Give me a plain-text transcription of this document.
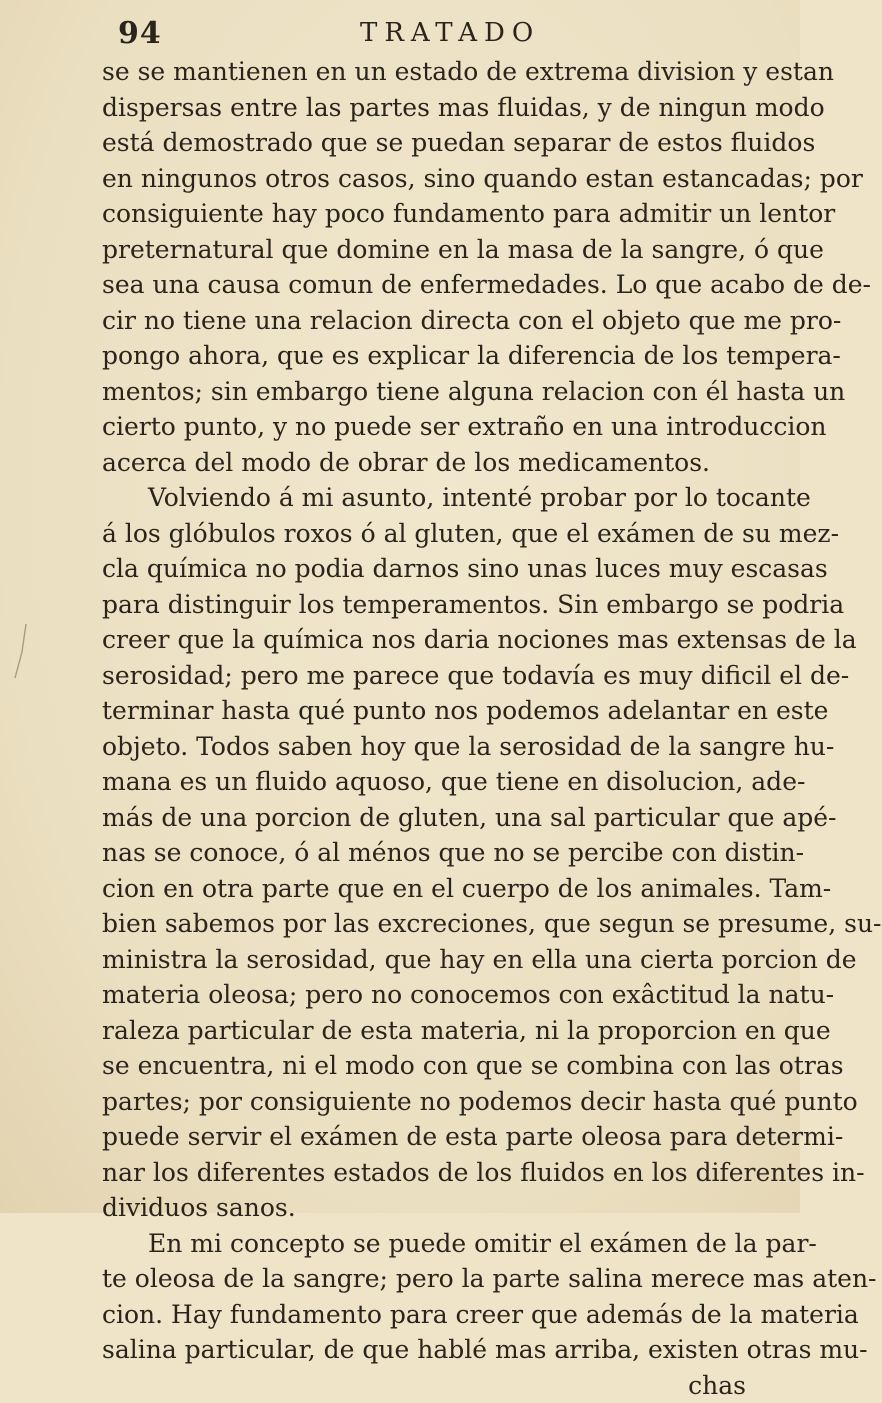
94	TRATADO
se se mantienen en un estado de extrema division y estan
dispersas entre las partes mas fluidas, y de ningun modo
está demostrado que se puedan separar de estos fluidos
en ningunos otros casos, sino quando estan estancadas; por
consiguiente hay poco fundamento para admitir un lentor
preternatural que domine en la masa de la sangre, ó que
sea una causa comun de enfermedades. Lo que acabo de de-
cir no tiene una relacion directa con el objeto que me pro-
pongo ahora, que es explicar la diferencia de los tempera-
mentos; sin embargo tiene alguna relacion con él hasta un
cierto punto, y no puede ser extraño en una introduccion
acerca del modo de obrar de los medicamentos.
Volviendo á mi asunto, intenté probar por lo tocante
á los glóbulos roxos ó al gluten, que el exámen de su mez-
cla química no podia darnos sino unas luces muy escasas
para distinguir los temperamentos. Sin embargo se podria
creer que la química nos daria nociones mas extensas de la
serosidad; pero me parece que todavía es muy dificil el de-
terminar hasta qué punto nos podemos adelantar en este
objeto. Todos saben hoy que la serosidad de la sangre hu-
mana es un fluido aquoso, que tiene en disolucion, ade-
más de una porcion de gluten, una sal particular que apé-
nas se conoce, ó al ménos que no se percibe con distin-
cion en otra parte que en el cuerpo de los animales. Tam-
bien sabemos por las excreciones, que segun se presume, su-
ministra la serosidad, que hay en ella una cierta porcion de
materia oleosa; pero no conocemos con exâctitud la natu-
raleza particular de esta materia, ni la proporcion en que
se encuentra, ni el modo con que se combina con las otras
partes; por consiguiente no podemos decir hasta qué punto
puede servir el exámen de esta parte oleosa para determi-
nar los diferentes estados de los fluidos en los diferentes in-
dividuos sanos.
En mi concepto se puede omitir el exámen de la par-
te oleosa de la sangre; pero la parte salina merece mas aten-
cion. Hay fundamento para creer que además de la materia
salina particular, de que hablé mas arriba, existen otras mu-
chas
